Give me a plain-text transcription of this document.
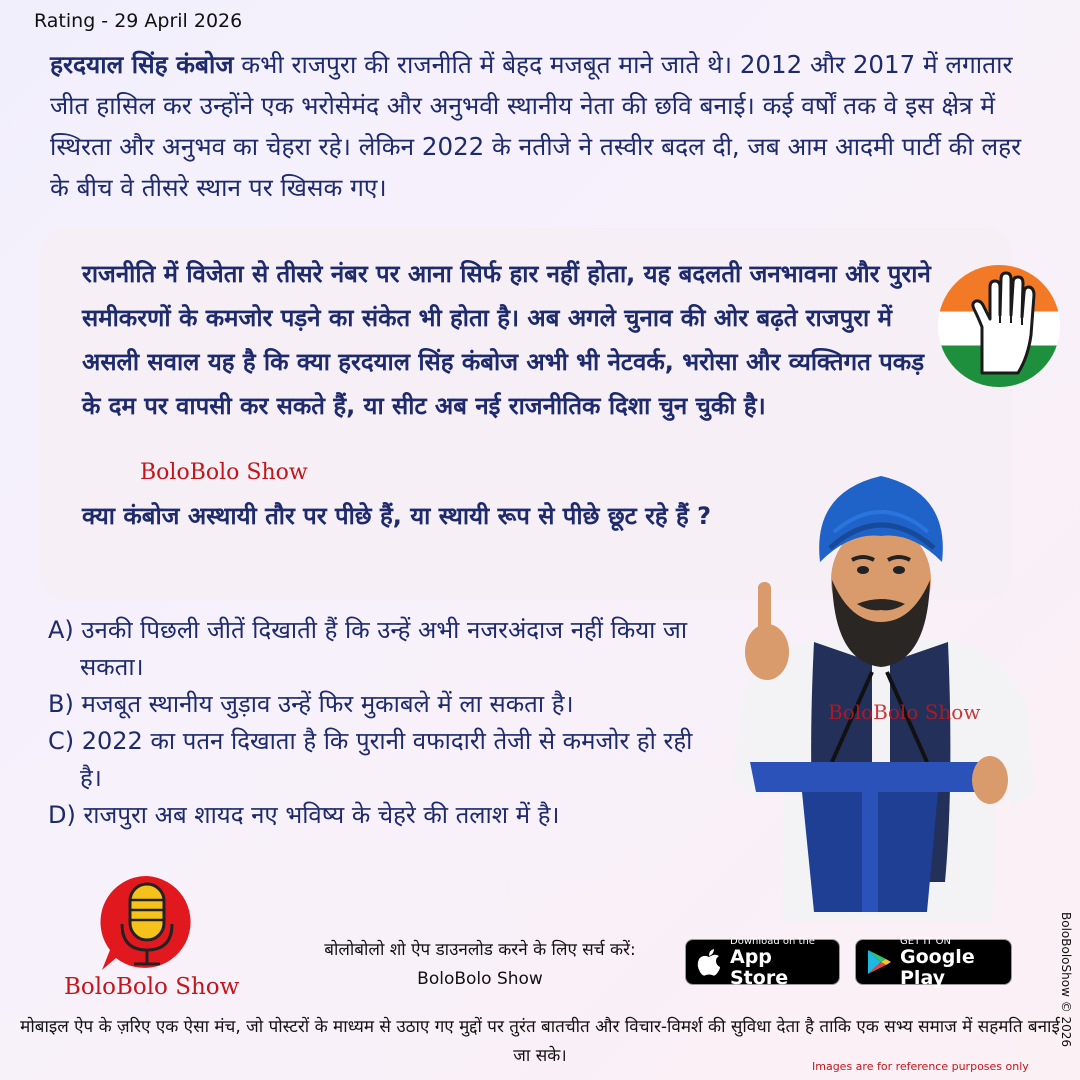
Rating - 29 April 2026
हरदयाल सिंह कंबोज कभी राजपुरा की राजनीति में बेहद मजबूत माने जाते थे। 2012 और 2017 में लगातार जीत हासिल कर उन्होंने एक भरोसेमंद और अनुभवी स्थानीय नेता की छवि बनाई। कई वर्षों तक वे इस क्षेत्र में स्थिरता और अनुभव का चेहरा रहे। लेकिन 2022 के नतीजे ने तस्वीर बदल दी, जब आम आदमी पार्टी की लहर के बीच वे तीसरे स्थान पर खिसक गए।
राजनीति में विजेता से तीसरे नंबर पर आना सिर्फ हार नहीं होता, यह बदलती जनभावना और पुराने समीकरणों के कमजोर पड़ने का संकेत भी होता है। अब अगले चुनाव की ओर बढ़ते राजपुरा में असली सवाल यह है कि क्या हरदयाल सिंह कंबोज अभी भी नेटवर्क, भरोसा और व्यक्तिगत पकड़ के दम पर वापसी कर सकते हैं, या सीट अब नई राजनीतिक दिशा चुन चुकी है।
BoloBolo Show
क्या कंबोज अस्थायी तौर पर पीछे हैं, या स्थायी रूप से पीछे छूट रहे हैं ?
A) उनकी पिछली जीतें दिखाती हैं कि उन्हें अभी नजरअंदाज नहीं किया जा सकता।
B) मजबूत स्थानीय जुड़ाव उन्हें फिर मुकाबले में ला सकता है।
C) 2022 का पतन दिखाता है कि पुरानी वफादारी तेजी से कमजोर हो रही है।
D) राजपुरा अब शायद नए भविष्य के चेहरे की तलाश में है।
BoloBolo Show
BoloBolo Show
बोलोबोलो शो ऐप डाउनलोड करने के लिए सर्च करें:
BoloBolo Show
Download on the
App Store
GET IT ON
Google Play
मोबाइल ऐप के ज़रिए एक ऐसा मंच, जो पोस्टरों के माध्यम से उठाए गए मुद्दों पर तुरंत बातचीत और विचार-विमर्श की सुविधा देता है ताकि एक सभ्य समाज में सहमति बनाई जा सके।
Images are for reference purposes only
BoloBoloShow © 2026
